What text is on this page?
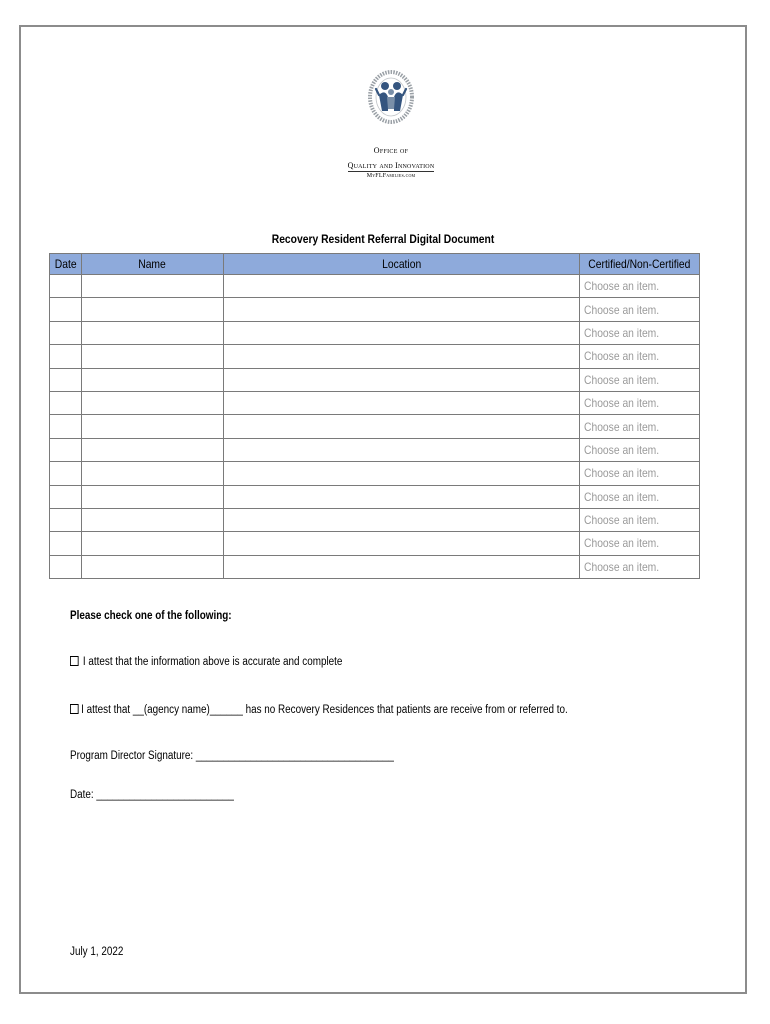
Office of
Quality and Innovation
MyFLFamilies.com
Recovery Resident Referral Digital Document
Date	Name	Location	Certified/Non-Certified
			Choose an item.
			Choose an item.
			Choose an item.
			Choose an item.
			Choose an item.
			Choose an item.
			Choose an item.
			Choose an item.
			Choose an item.
			Choose an item.
			Choose an item.
			Choose an item.
			Choose an item.
Please check one of the following:
I attest that the information above is accurate and complete
I attest that __(agency name)______ has no Recovery Residences that patients are receive from or referred to.
Program Director Signature: ____________________________________
Date: _________________________
July 1, 2022
